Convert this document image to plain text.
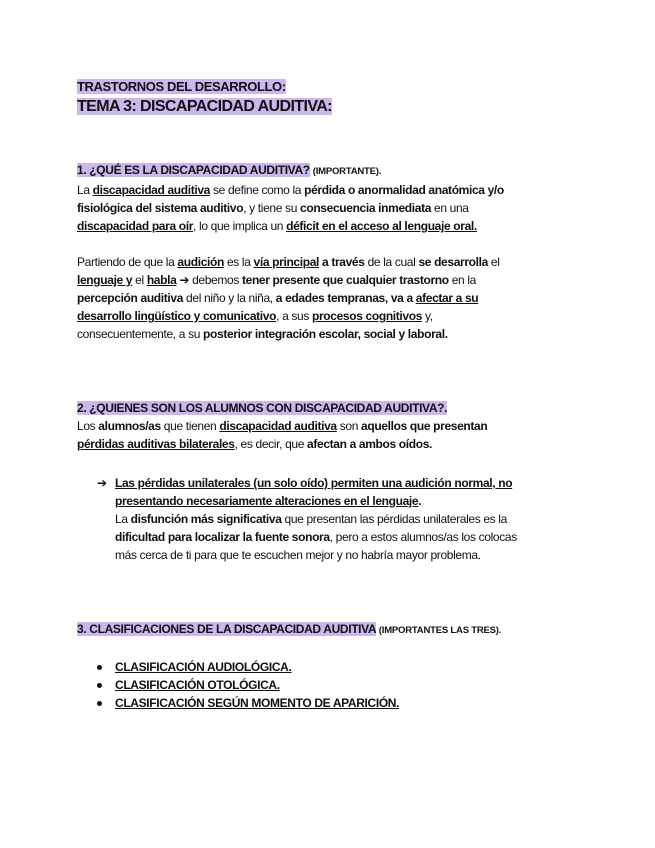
TRASTORNOS DEL DESARROLLO:
TEMA 3: DISCAPACIDAD AUDITIVA:
1. ¿QUÉ ES LA DISCAPACIDAD AUDITIVA? (IMPORTANTE).
La discapacidad auditiva se define como la pérdida o anormalidad anatómica y/o
fisiológica del sistema auditivo, y tiene su consecuencia inmediata en una
discapacidad para oír, lo que implica un déficit en el acceso al lenguaje oral.
Partiendo de que la audición es la vía principal a través de la cual se desarrolla el
lenguaje y el habla ➔ debemos tener presente que cualquier trastorno en la
percepción auditiva del niño y la niña, a edades tempranas, va a afectar a su
desarrollo lingüístico y comunicativo, a sus procesos cognitivos y,
consecuentemente, a su posterior integración escolar, social y laboral.
2. ¿QUIENES SON LOS ALUMNOS CON DISCAPACIDAD AUDITIVA?.
Los alumnos/as que tienen discapacidad auditiva son aquellos que presentan
pérdidas auditivas bilaterales, es decir, que afectan a ambos oídos.
➔ Las pérdidas unilaterales (un solo oído) permiten una audición normal, no
presentando necesariamente alteraciones en el lenguaje.
La disfunción más significativa que presentan las pérdidas unilaterales es la
dificultad para localizar la fuente sonora, pero a estos alumnos/as los colocas
más cerca de ti para que te escuchen mejor y no habría mayor problema.
3. CLASIFICACIONES DE LA DISCAPACIDAD AUDITIVA (IMPORTANTES LAS TRES).
CLASIFICACIÓN AUDIOLÓGICA.
CLASIFICACIÓN OTOLÓGICA.
CLASIFICACIÓN SEGÚN MOMENTO DE APARICIÓN.
